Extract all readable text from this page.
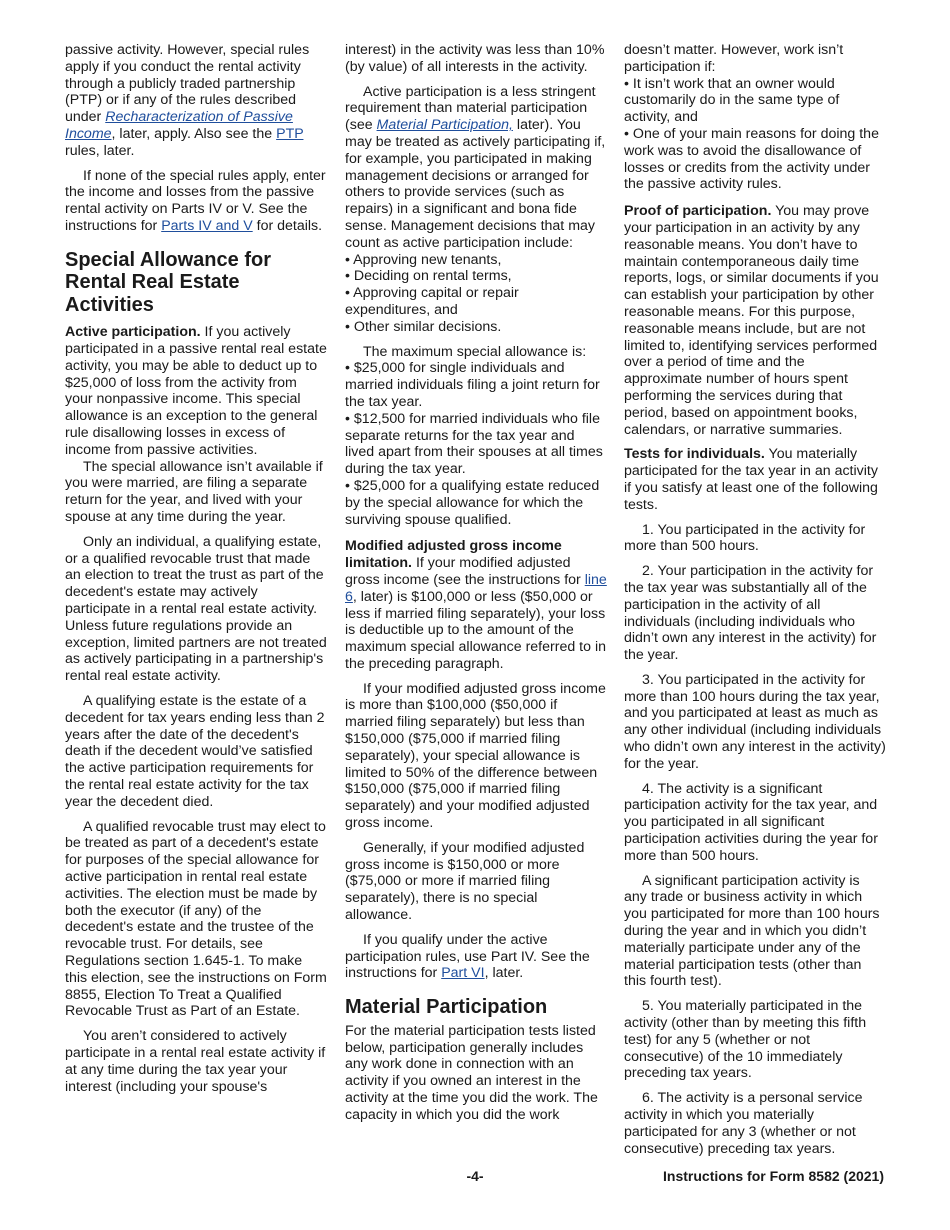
passive activity. However, special rules apply if you conduct the rental activity through a publicly traded partnership (PTP) or if any of the rules described under Recharacterization of Passive Income, later, apply. Also see the PTP rules, later.

If none of the special rules apply, enter the income and losses from the passive rental activity on Parts IV or V. See the instructions for Parts IV and V for details.

Special Allowance for Rental Real Estate Activities

Active participation. If you actively participated in a passive rental real estate activity, you may be able to deduct up to $25,000 of loss from the activity from your nonpassive income. This special allowance is an exception to the general rule disallowing losses in excess of income from passive activities.

The special allowance isn’t available if you were married, are filing a separate return for the year, and lived with your spouse at any time during the year.

Only an individual, a qualifying estate, or a qualified revocable trust that made an election to treat the trust as part of the decedent's estate may actively participate in a rental real estate activity. Unless future regulations provide an exception, limited partners are not treated as actively participating in a partnership's rental real estate activity.

A qualifying estate is the estate of a decedent for tax years ending less than 2 years after the date of the decedent's death if the decedent would’ve satisfied the active participation requirements for the rental real estate activity for the tax year the decedent died.

A qualified revocable trust may elect to be treated as part of a decedent's estate for purposes of the special allowance for active participation in rental real estate activities. The election must be made by both the executor (if any) of the decedent's estate and the trustee of the revocable trust. For details, see Regulations section 1.645-1. To make this election, see the instructions on Form 8855, Election To Treat a Qualified Revocable Trust as Part of an Estate.

You aren’t considered to actively participate in a rental real estate activity if at any time during the tax year your interest (including your spouse's

interest) in the activity was less than 10% (by value) of all interests in the activity.

Active participation is a less stringent requirement than material participation (see Material Participation, later). You may be treated as actively participating if, for example, you participated in making management decisions or arranged for others to provide services (such as repairs) in a significant and bona fide sense. Management decisions that may count as active participation include:

• Approving new tenants,

• Deciding on rental terms,

• Approving capital or repair expenditures, and

• Other similar decisions.

The maximum special allowance is:

• $25,000 for single individuals and married individuals filing a joint return for the tax year.

• $12,500 for married individuals who file separate returns for the tax year and lived apart from their spouses at all times during the tax year.

• $25,000 for a qualifying estate reduced by the special allowance for which the surviving spouse qualified.

Modified adjusted gross income limitation. If your modified adjusted gross income (see the instructions for line 6, later) is $100,000 or less ($50,000 or less if married filing separately), your loss is deductible up to the amount of the maximum special allowance referred to in the preceding paragraph.

If your modified adjusted gross income is more than $100,000 ($50,000 if married filing separately) but less than $150,000 ($75,000 if married filing separately), your special allowance is limited to 50% of the difference between $150,000 ($75,000 if married filing separately) and your modified adjusted gross income.

Generally, if your modified adjusted gross income is $150,000 or more ($75,000 or more if married filing separately), there is no special allowance.

If you qualify under the active participation rules, use Part IV. See the instructions for Part VI, later.

Material Participation

For the material participation tests listed below, participation generally includes any work done in connection with an activity if you owned an interest in the activity at the time you did the work. The capacity in which you did the work

doesn’t matter. However, work isn’t participation if:

• It isn’t work that an owner would customarily do in the same type of activity, and

• One of your main reasons for doing the work was to avoid the disallowance of losses or credits from the activity under the passive activity rules.

Proof of participation. You may prove your participation in an activity by any reasonable means. You don’t have to maintain contemporaneous daily time reports, logs, or similar documents if you can establish your participation by other reasonable means. For this purpose, reasonable means include, but are not limited to, identifying services performed over a period of time and the approximate number of hours spent performing the services during that period, based on appointment books, calendars, or narrative summaries.

Tests for individuals. You materially participated for the tax year in an activity if you satisfy at least one of the following tests.

1. You participated in the activity for more than 500 hours.

2. Your participation in the activity for the tax year was substantially all of the participation in the activity of all individuals (including individuals who didn’t own any interest in the activity) for the year.

3. You participated in the activity for more than 100 hours during the tax year, and you participated at least as much as any other individual (including individuals who didn’t own any interest in the activity) for the year.

4. The activity is a significant participation activity for the tax year, and you participated in all significant participation activities during the year for more than 500 hours.

A significant participation activity is any trade or business activity in which you participated for more than 100 hours during the year and in which you didn’t materially participate under any of the material participation tests (other than this fourth test).

5. You materially participated in the activity (other than by meeting this fifth test) for any 5 (whether or not consecutive) of the 10 immediately preceding tax years.

6. The activity is a personal service activity in which you materially participated for any 3 (whether or not consecutive) preceding tax years.

-4-	Instructions for Form 8582 (2021)
